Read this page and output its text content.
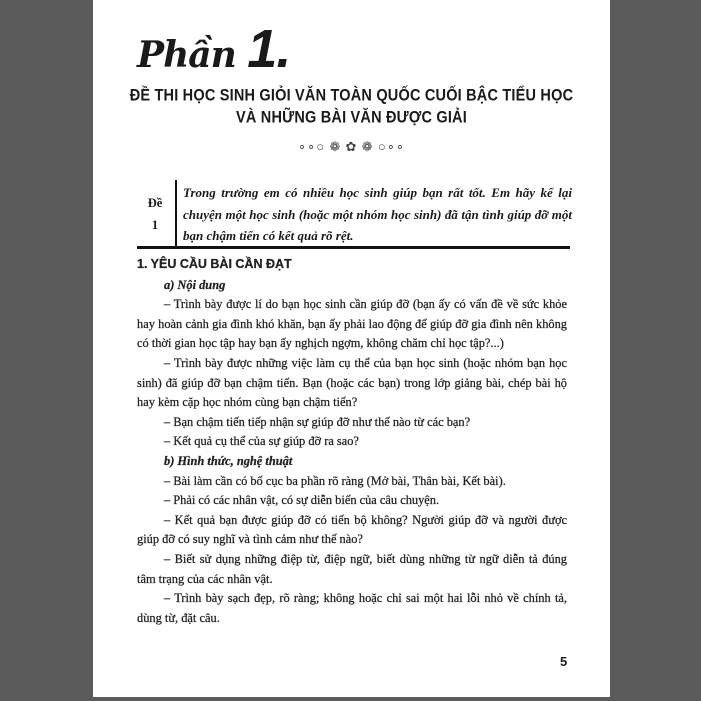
Phần 1.
ĐỀ THI HỌC SINH GIỎI VĂN TOÀN QUỐC CUỐI BẬC TIỂU HỌC
VÀ NHỮNG BÀI VĂN ĐƯỢC GIẢI
∘∘○ ❁ ✿ ❁ ○∘∘
Đề
1
Trong trường em có nhiều học sinh giúp bạn rất tốt. Em hãy kể lại chuyện một học sinh (hoặc một nhóm học sinh) đã tận tình giúp đỡ một bạn chậm tiến có kết quả rõ rệt.

1. YÊU CẦU BÀI CẦN ĐẠT

a) Nội dung

– Trình bày được lí do bạn học sinh cần giúp đỡ (bạn ấy có vấn đề về sức khỏe hay hoàn cảnh gia đình khó khăn, bạn ấy phải lao động để giúp đỡ gia đình nên không có thời gian học tập hay bạn ấy nghịch ngợm, không chăm chỉ học tập?...)

– Trình bày được những việc làm cụ thể của bạn học sinh (hoặc nhóm bạn học sinh) đã giúp đỡ bạn chậm tiến. Bạn (hoặc các bạn) trong lớp giảng bài, chép bài hộ hay kèm cặp học nhóm cùng bạn chậm tiến?

– Bạn chậm tiến tiếp nhận sự giúp đỡ như thế nào từ các bạn?

– Kết quả cụ thể của sự giúp đỡ ra sao?

b) Hình thức, nghệ thuật

– Bài làm cần có bố cục ba phần rõ ràng (Mở bài, Thân bài, Kết bài).

– Phải có các nhân vật, có sự diễn biến của câu chuyện.

– Kết quả bạn được giúp đỡ có tiến bộ không? Người giúp đỡ và người được giúp đỡ có suy nghĩ và tình cảm như thế nào?

– Biết sử dụng những điệp từ, điệp ngữ, biết dùng những từ ngữ diễn tả đúng tâm trạng của các nhân vật.

– Trình bày sạch đẹp, rõ ràng; không hoặc chỉ sai một hai lỗi nhỏ về chính tả, dùng từ, đặt câu.

5
